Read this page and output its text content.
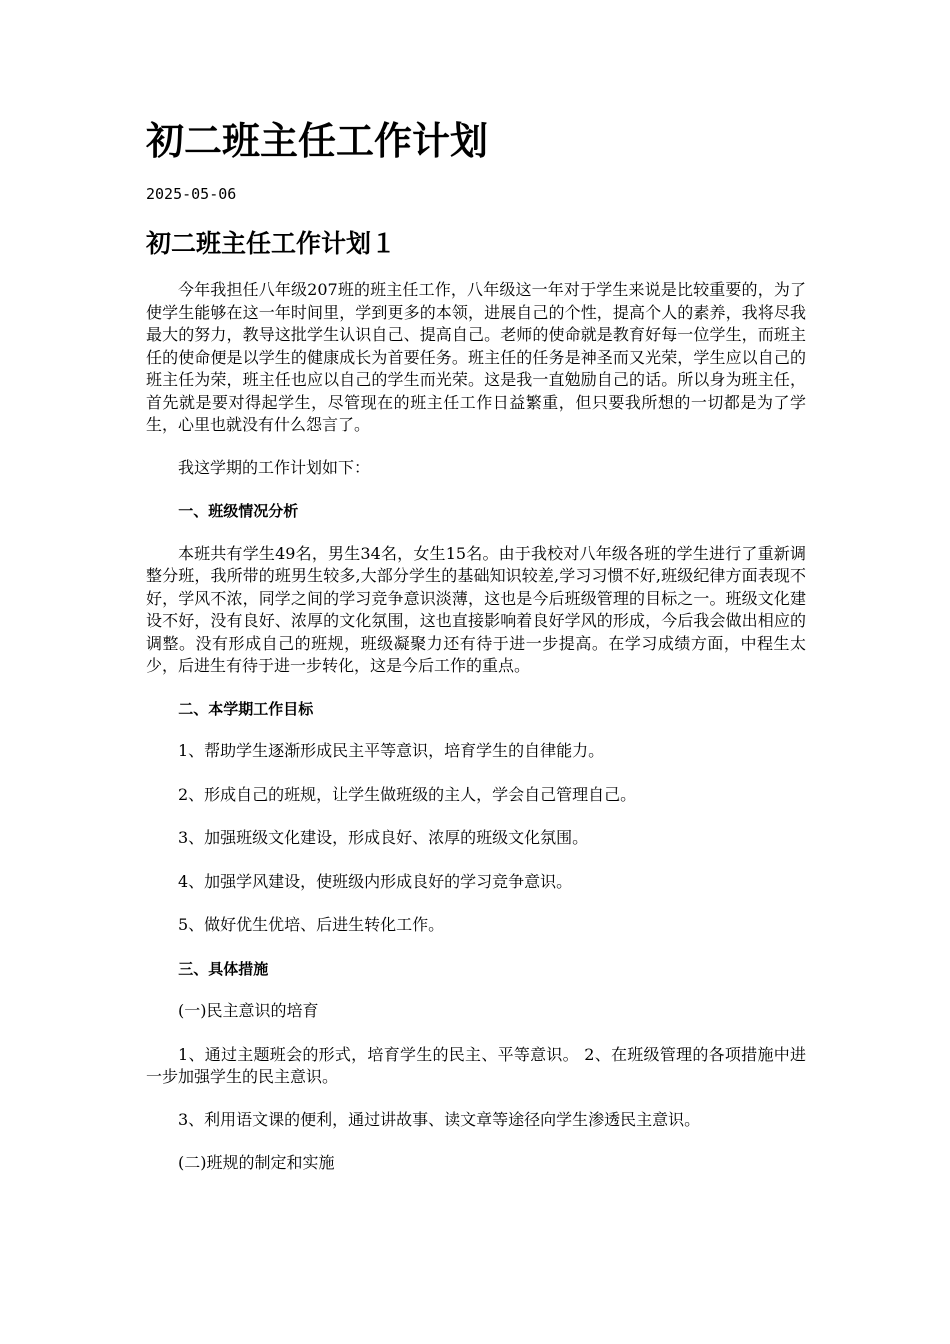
初二班主任工作计划
2025-05-06
初二班主任工作计划１

今年我担任八年级207班的班主任工作，八年级这一年对于学生来说是比较重要的，为了使学生能够在这一年时间里，学到更多的本领，进展自己的个性，提高个人的素养，我将尽我最大的努力，教导这批学生认识自己、提高自己。老师的使命就是教育好每一位学生，而班主任的使命便是以学生的健康成长为首要任务。班主任的任务是神圣而又光荣，学生应以自己的班主任为荣，班主任也应以自己的学生而光荣。这是我一直勉励自己的话。所以身为班主任，首先就是要对得起学生，尽管现在的班主任工作日益繁重，但只要我所想的一切都是为了学生，心里也就没有什么怨言了。

我这学期的工作计划如下：

一、班级情况分析

本班共有学生49名，男生34名，女生15名。由于我校对八年级各班的学生进行了重新调整分班，我所带的班男生较多,大部分学生的基础知识较差,学习习惯不好,班级纪律方面表现不好，学风不浓，同学之间的学习竞争意识淡薄，这也是今后班级管理的目标之一。班级文化建设不好，没有良好、浓厚的文化氛围，这也直接影响着良好学风的形成，今后我会做出相应的调整。没有形成自己的班规，班级凝聚力还有待于进一步提高。在学习成绩方面，中程生太少，后进生有待于进一步转化，这是今后工作的重点。

二、本学期工作目标

1、帮助学生逐渐形成民主平等意识，培育学生的自律能力。

2、形成自己的班规，让学生做班级的主人，学会自己管理自己。

3、加强班级文化建设，形成良好、浓厚的班级文化氛围。

4、加强学风建设，使班级内形成良好的学习竞争意识。

5、做好优生优培、后进生转化工作。

三、具体措施

(一)民主意识的培育

1、通过主题班会的形式，培育学生的民主、平等意识。 2、在班级管理的各项措施中进一步加强学生的民主意识。

3、利用语文课的便利，通过讲故事、读文章等途径向学生渗透民主意识。

(二)班规的制定和实施
